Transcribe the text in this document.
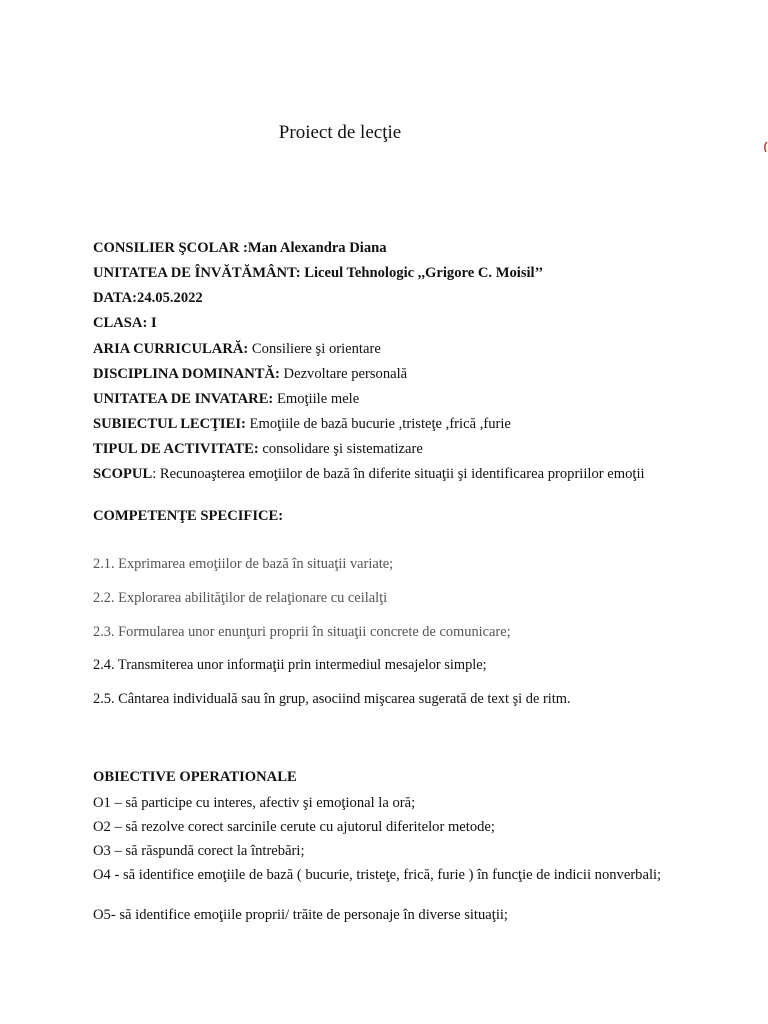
Proiect de lecţie
CONSILIER ŞCOLAR :Man Alexandra Diana
UNITATEA DE ÎNVĂTĂMÂNT: Liceul Tehnologic ,,Grigore C. Moisil’’
DATA:24.05.2022
CLASA: I
ARIA CURRICULARĂ: Consiliere şi orientare
DISCIPLINA DOMINANTĂ: Dezvoltare personală
UNITATEA DE INVATARE: Emoţiile mele
SUBIECTUL LECŢIEI: Emoţiile de bază bucurie ,tristeţe ,frică ,furie
TIPUL DE ACTIVITATE: consolidare şi sistematizare
SCOPUL: Recunoaşterea emoţiilor de bază în diferite situaţii şi identificarea propriilor emoţii
COMPETENŢE SPECIFICE:
2.1. Exprimarea emoţiilor de bază în situaţii variate;
2.2. Explorarea abilităţilor de relaţionare cu ceilalţi
2.3. Formularea unor enunţuri proprii în situaţii concrete de comunicare;
2.4. Transmiterea unor informaţii prin intermediul mesajelor simple;
2.5. Cântarea individuală sau în grup, asociind mişcarea sugerată de text şi de ritm.
OBIECTIVE OPERATIONALE
O1 – să participe cu interes, afectiv şi emoţional la oră;
O2 – să rezolve corect sarcinile cerute cu ajutorul diferitelor metode;
O3 – să răspundă corect la întrebări;
O4 - să identifice emoţiile de bază ( bucurie, tristeţe, frică, furie ) în funcţie de indicii nonverbali;
O5- să identifice emoţiile proprii/ trăite de personaje în diverse situaţii;
